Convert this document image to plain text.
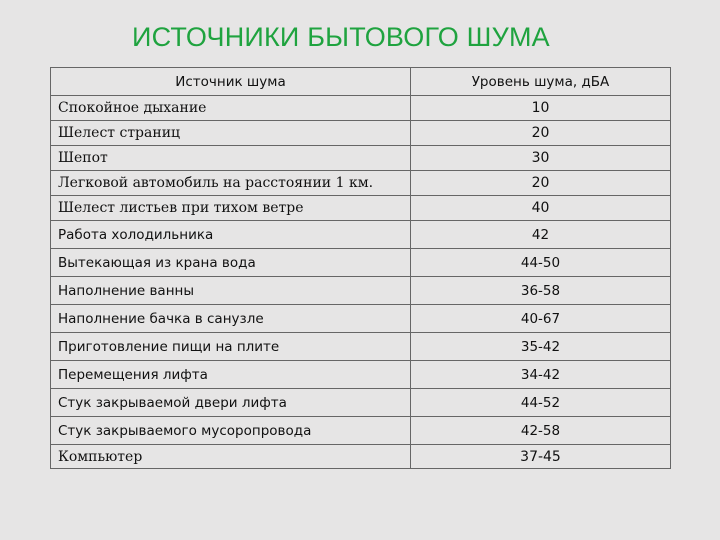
ИСТОЧНИКИ БЫТОВОГО ШУМА
Источник шума	Уровень шума, дБА
Спокойное дыхание	10
Шелест страниц	20
Шепот	30
Легковой автомобиль на расстоянии 1 км.	20
Шелест листьев при тихом ветре	40
Работа холодильника	42
Вытекающая из крана вода	44-50
Наполнение ванны	36-58
Наполнение бачка в санузле	40-67
Приготовление пищи на плите	35-42
Перемещения лифта	34-42
Стук закрываемой двери лифта	44-52
Стук закрываемого мусоропровода	42-58
Компьютер	37-45
